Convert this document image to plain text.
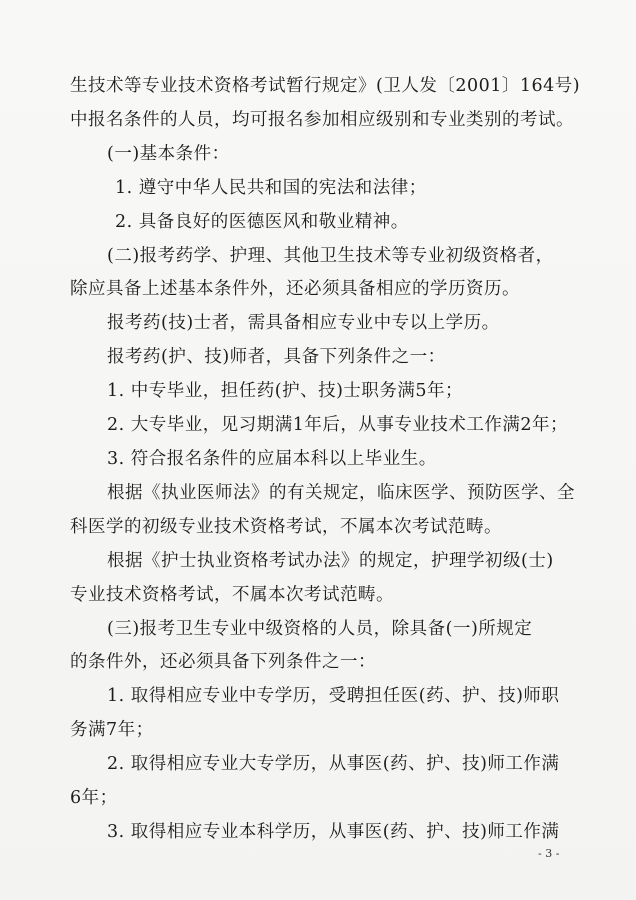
生技术等专业技术资格考试暂行规定》(卫人发〔2001〕164号)
中报名条件的人员，均可报名参加相应级别和专业类别的考试。
(一)基本条件：
1. 遵守中华人民共和国的宪法和法律；
2. 具备良好的医德医风和敬业精神。
(二)报考药学、护理、其他卫生技术等专业初级资格者，
除应具备上述基本条件外，还必须具备相应的学历资历。
报考药(技)士者，需具备相应专业中专以上学历。
报考药(护、技)师者，具备下列条件之一：
1. 中专毕业，担任药(护、技)士职务满5年；
2. 大专毕业，见习期满1年后，从事专业技术工作满2年；
3. 符合报名条件的应届本科以上毕业生。
根据《执业医师法》的有关规定，临床医学、预防医学、全
科医学的初级专业技术资格考试，不属本次考试范畴。
根据《护士执业资格考试办法》的规定，护理学初级(士)
专业技术资格考试，不属本次考试范畴。
(三)报考卫生专业中级资格的人员，除具备(一)所规定
的条件外，还必须具备下列条件之一：
1. 取得相应专业中专学历，受聘担任医(药、护、技)师职
务满7年；
2. 取得相应专业大专学历，从事医(药、护、技)师工作满
6年；
3. 取得相应专业本科学历，从事医(药、护、技)师工作满
- 3 -
